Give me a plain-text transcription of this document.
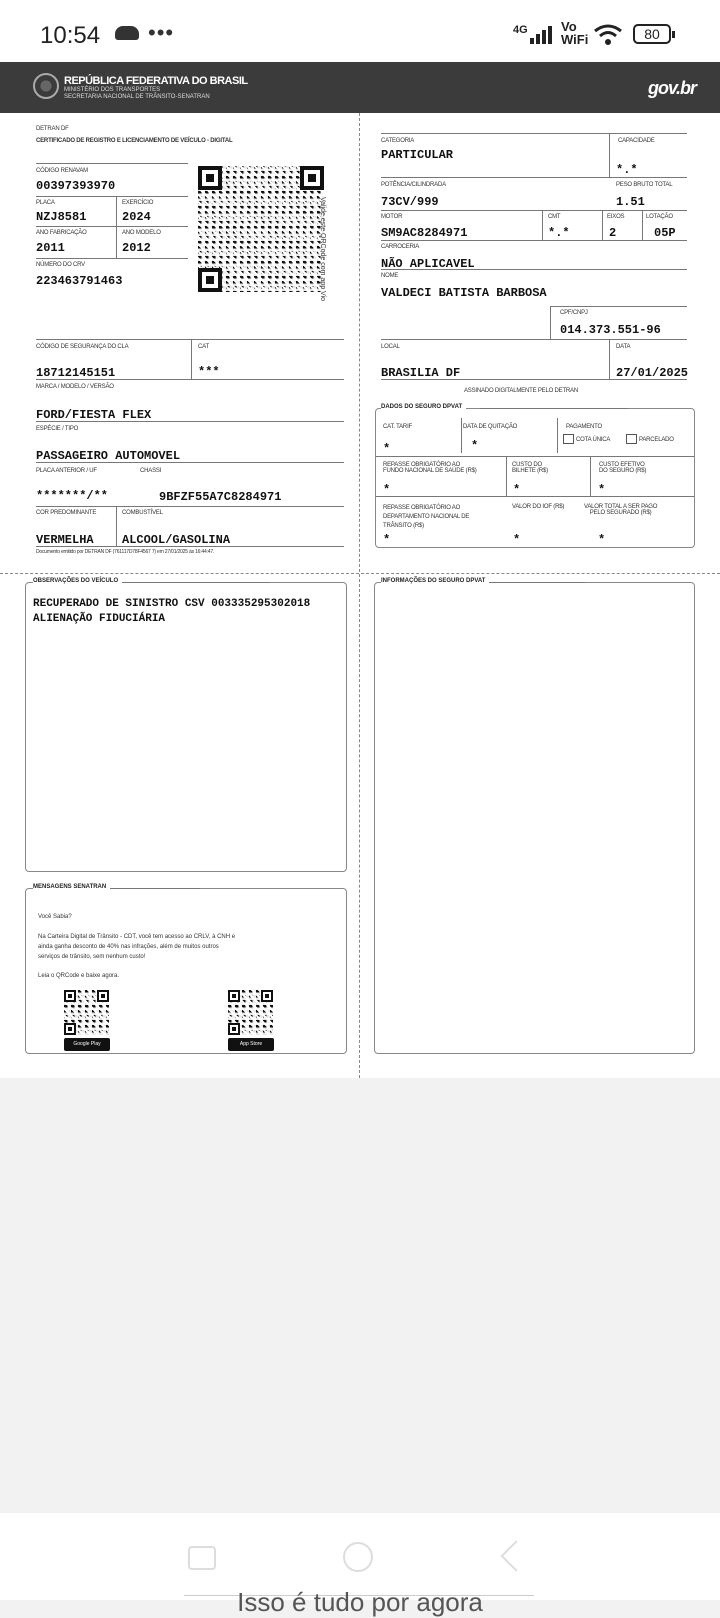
10:54 •••	4G	Vo
WiFi	80
REPÚBLICA FEDERATIVA DO BRASIL
MINISTÉRIO DOS TRANSPORTES
SECRETARIA NACIONAL DE TRÂNSITO-SENATRAN	gov.br
DETRAN DF
CERTIFICADO DE REGISTRO E LICENCIAMENTO DE VEÍCULO - DIGITAL
CÓDIGO RENAVAM
00397393970
PLACA
NZJ8581
EXERCÍCIO
2024
ANO FABRICAÇÃO
2011
ANO MODELO
2012
NÚMERO DO CRV
223463791463	Valide este QRCode com app Vio
CÓDIGO DE SEGURANÇA DO CLA
18712145151
CAT
***
MARCA / MODELO / VERSÃO
FORD/FIESTA FLEX
ESPÉCIE / TIPO
PASSAGEIRO AUTOMOVEL
PLACA ANTERIOR / UF
*******/**
CHASSI
9BFZF55A7C8284971
COR PREDOMINANTE
VERMELHA
COMBUSTÍVEL
ALCOOL/GASOLINA
Documento emitido por DETRAN DF (761117D78F4567 7) em 27/01/2025 às 16:44:47.
CATEGORIA
PARTICULAR
CAPACIDADE
*.*
POTÊNCIA/CILINDRADA
73CV/999
PESO BRUTO TOTAL
1.51
MOTOR
SM9AC8284971
CMT
*.*
EIXOS
2
LOTAÇÃO
05P
CARROCERIA
NÃO APLICAVEL
NOME
VALDECI BATISTA BARBOSA
CPF/CNPJ
014.373.551-96
LOCAL
BRASILIA DF
DATA
27/01/2025
ASSINADO DIGITALMENTE PELO DETRAN
DADOS DO SEGURO DPVAT
CAT. TARIF
*
DATA DE QUITAÇÃO
*
PAGAMENTO
COTA ÚNICA	PARCELADO
REPASSE OBRIGATÓRIO AO
FUNDO NACIONAL DE SAÚDE (R$)
*
CUSTO DO
BILHETE (R$)
*
CUSTO EFETIVO
DO SEGURO (R$)
*
REPASSE OBRIGATÓRIO AO
DEPARTAMENTO NACIONAL DE
TRÂNSITO (R$)
*
VALOR DO IOF (R$)
*
VALOR TOTAL A SER PAGO
PELO SEGURADO (R$)
*
OBSERVAÇÕES DO VEÍCULO
RECUPERADO DE SINISTRO CSV 003335295302018
ALIENAÇÃO FIDUCIÁRIA
INFORMAÇÕES DO SEGURO DPVAT
MENSAGENS SENATRAN
Você Sabia?
Na Carteira Digital de Trânsito - CDT, você tem acesso ao CRLV, à CNH e
ainda ganha desconto de 40% nas infrações, além de muitos outros
serviços de trânsito, sem nenhum custo!
Leia o QRCode e baixe agora.
Google Play	App Store
Isso é tudo por agora
